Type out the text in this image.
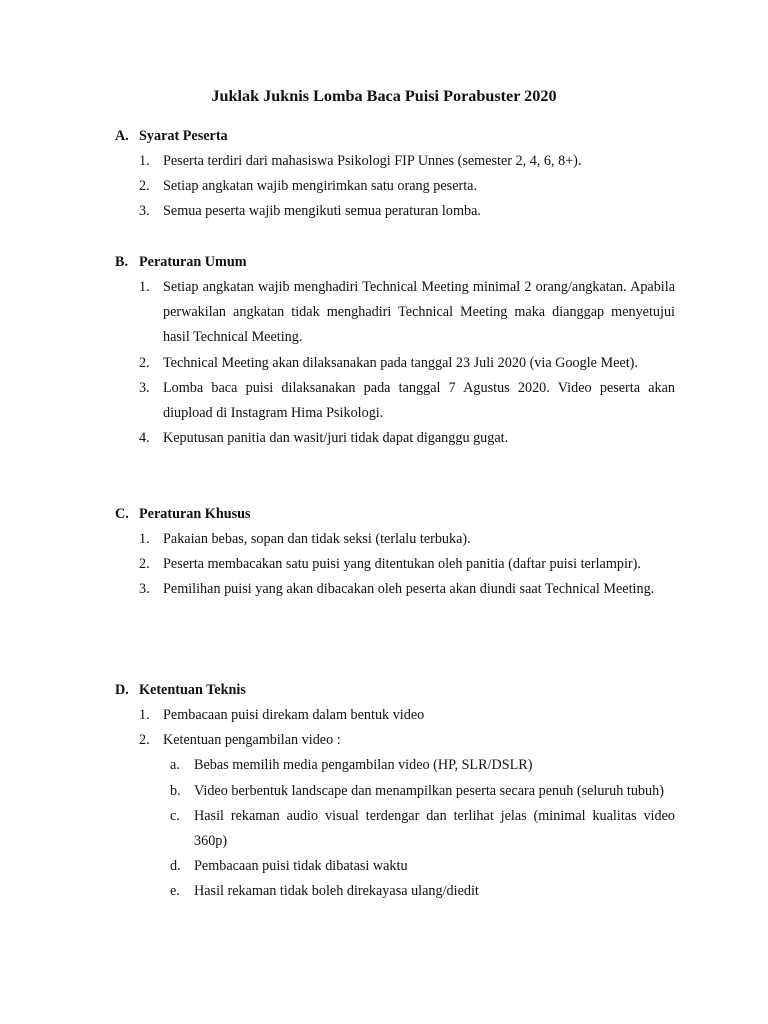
Juklak Juknis Lomba Baca Puisi Porabuster 2020
A. Syarat Peserta
1. Peserta terdiri dari mahasiswa Psikologi FIP Unnes (semester 2, 4, 6, 8+).
2. Setiap angkatan wajib mengirimkan satu orang peserta.
3. Semua peserta wajib mengikuti semua peraturan lomba.
B. Peraturan Umum
1. Setiap angkatan wajib menghadiri Technical Meeting minimal 2 orang/angkatan. Apabila perwakilan angkatan tidak menghadiri Technical Meeting maka dianggap menyetujui hasil Technical Meeting.
2. Technical Meeting akan dilaksanakan pada tanggal 23 Juli 2020 (via Google Meet).
3. Lomba baca puisi dilaksanakan pada tanggal 7 Agustus 2020. Video peserta akan diupload di Instagram Hima Psikologi.
4. Keputusan panitia dan wasit/juri tidak dapat diganggu gugat.
C. Peraturan Khusus
1. Pakaian bebas, sopan dan tidak seksi (terlalu terbuka).
2. Peserta membacakan satu puisi yang ditentukan oleh panitia (daftar puisi terlampir).
3. Pemilihan puisi yang akan dibacakan oleh peserta akan diundi saat Technical Meeting.
D. Ketentuan Teknis
1. Pembacaan puisi direkam dalam bentuk video
2. Ketentuan pengambilan video :
a. Bebas memilih media pengambilan video (HP, SLR/DSLR)
b. Video berbentuk landscape dan menampilkan peserta secara penuh (seluruh tubuh)
c. Hasil rekaman audio visual terdengar dan terlihat jelas (minimal kualitas video 360p)
d. Pembacaan puisi tidak dibatasi waktu
e. Hasil rekaman tidak boleh direkayasa ulang/diedit
